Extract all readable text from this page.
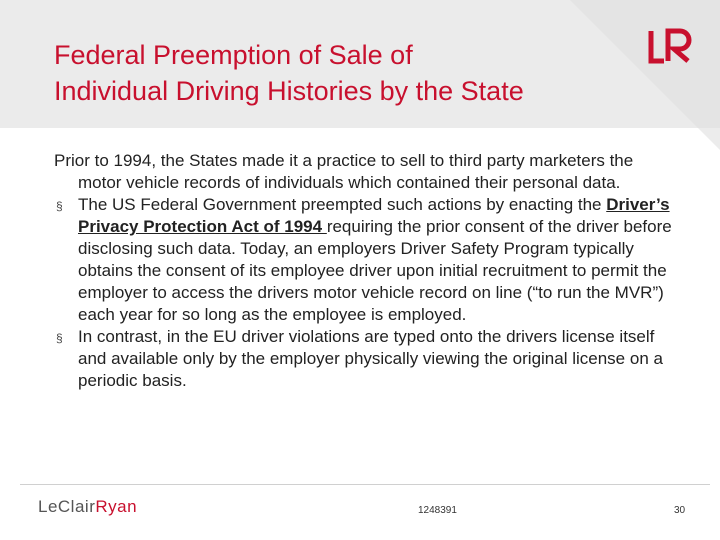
Federal Preemption of Sale of
Individual Driving Histories by the State

Prior to 1994, the States made it a practice to sell to third party marketers the motor vehicle records of individuals which contained their personal data.

§ The US Federal Government preempted such actions by enacting the Driver’s Privacy Protection Act of 1994 requiring the prior consent of the driver before disclosing such data. Today, an employers Driver Safety Program typically obtains the consent of its employee driver upon initial recruitment to permit the employer to access the drivers motor vehicle record on line (“to run the MVR”) each year for so long as the employee is employed.
§ In contrast, in the EU driver violations are typed onto the drivers license itself and available only by the employer physically viewing the original license on a periodic basis.
LeClairRyan	1248391	30
